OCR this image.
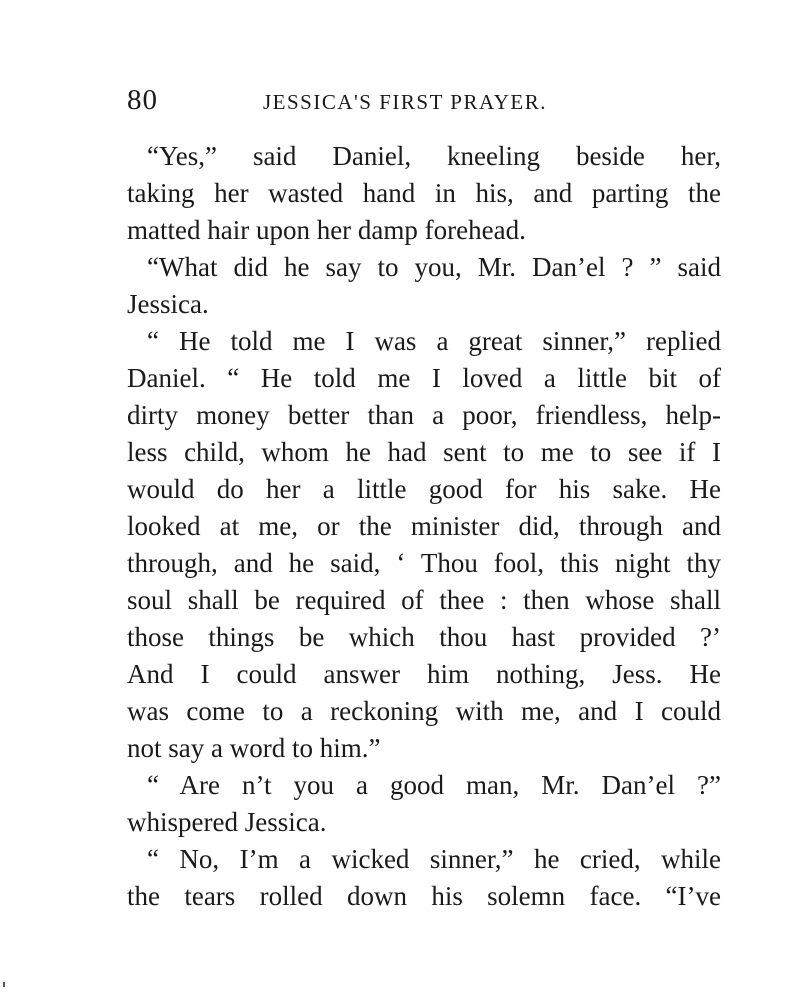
80	JESSICA'S FIRST PRAYER.
“Yes,” said Daniel, kneeling beside her,
taking her wasted hand in his, and parting the
matted hair upon her damp forehead.
“What did he say to you, Mr. Dan’el ? ” said
Jessica.
“ He told me I was a great sinner,” replied
Daniel. “ He told me I loved a little bit of
dirty money better than a poor, friendless, help-
less child, whom he had sent to me to see if I
would do her a little good for his sake. He
looked at me, or the minister did, through and
through, and he said, ‘ Thou fool, this night thy
soul shall be required of thee : then whose shall
those things be which thou hast provided ?’
And I could answer him nothing, Jess. He
was come to a reckoning with me, and I could
not say a word to him.”
“ Are n’t you a good man, Mr. Dan’el ?”
whispered Jessica.
“ No, I’m a wicked sinner,” he cried, while
the tears rolled down his solemn face. “I’ve
